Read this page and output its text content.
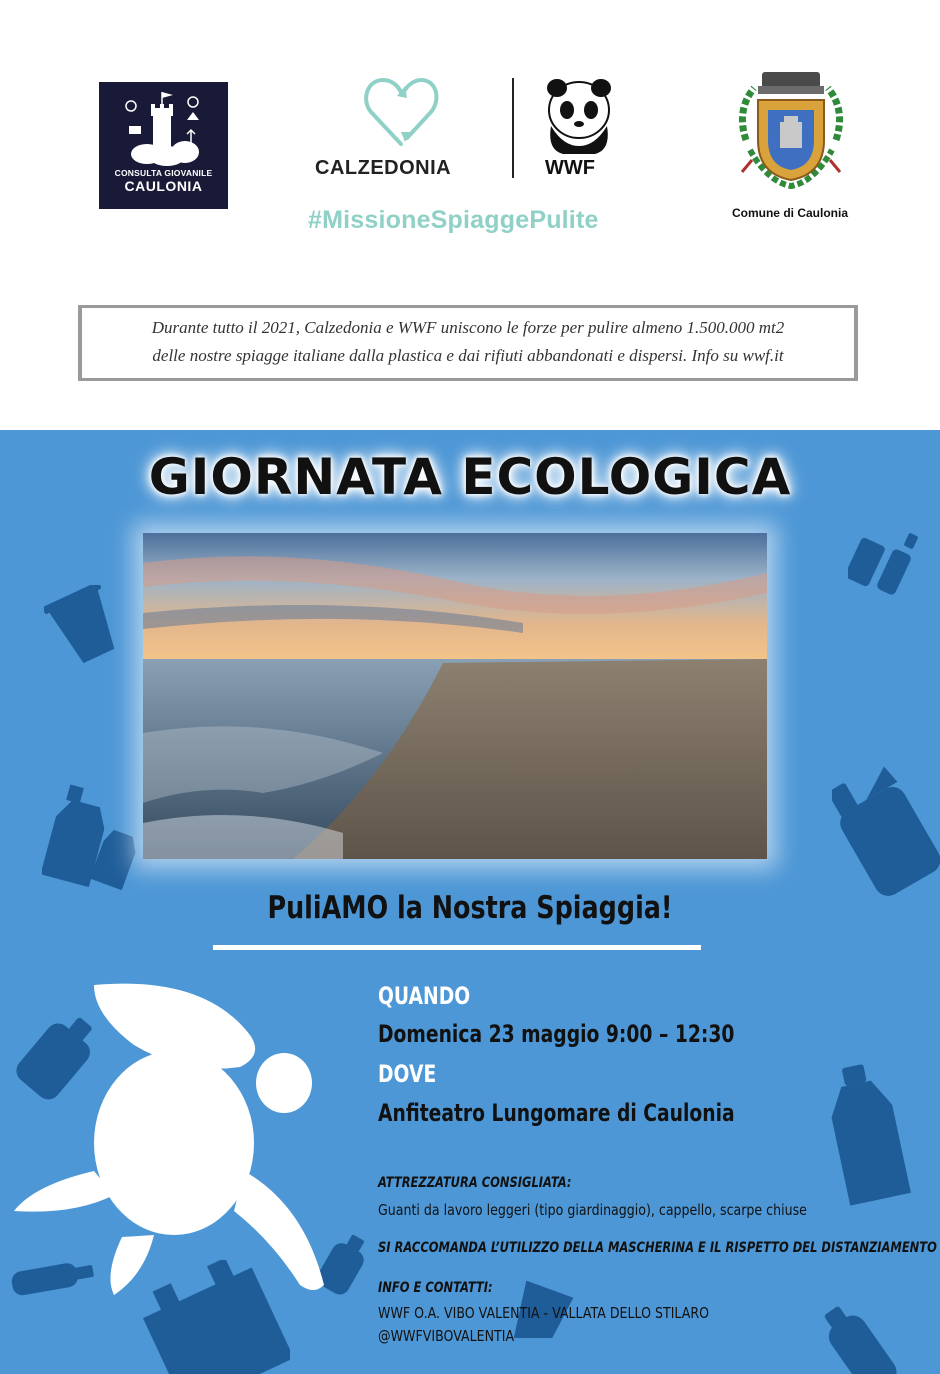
CONSULTA GIOVANILE
CAULONIA
CALZEDONIA	WWF
#MissioneSpiaggePulite	Comune di Caulonia

Durante tutto il 2021, Calzedonia e WWF uniscono le forze per pulire almeno 1.500.000 mt2

delle nostre spiagge italiane dalla plastica e dai rifiuti abbandonati e dispersi. Info su wwf.it

GIORNATA ECOLOGICA
PuliAMO la Nostra Spiaggia!
QUANDO
Domenica 23 maggio 9:00 – 12:30
DOVE
Anfiteatro Lungomare di Caulonia
ATTREZZATURA CONSIGLIATA:
Guanti da lavoro leggeri (tipo giardinaggio), cappello, scarpe chiuse
SI RACCOMANDA L’UTILIZZO DELLA MASCHERINA E IL RISPETTO DEL DISTANZIAMENTO
INFO E CONTATTI:
WWF O.A. VIBO VALENTIA - VALLATA DELLO STILARO
@WWFVIBOVALENTIA
